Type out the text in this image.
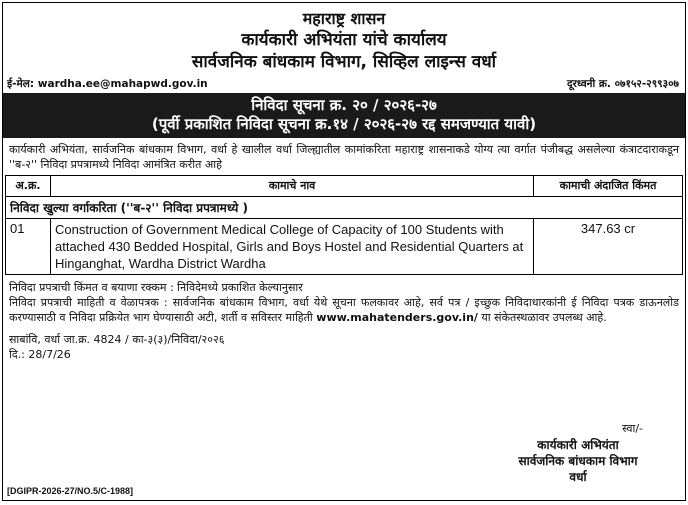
महाराष्ट्र शासन
कार्यकारी अभियंता यांचे कार्यालय
सार्वजनिक बांधकाम विभाग, सिव्हिल लाइन्स वर्धा
ई-मेल: wardha.ee@mahapwd.gov.in	दूरध्वनी क्र. ०७१५२-२९९३०७
निविदा सूचना क्र. २० / २०२६-२७
(पूर्वी प्रकाशित निविदा सूचना क्र.१४ / २०२६-२७ रद्द समजण्यात यावी)
कार्यकारी अभियंता, सार्वजनिक बांधकाम विभाग, वर्धा हे खालील वर्धा जिल्ह्यातील कामांकरिता महाराष्ट्र शासनाकडे योग्य त्या वर्गात पंजीबद्ध असलेल्या कंत्राटदाराकडून ''ब-२'' निविदा प्रपत्रामध्ये निविदा आमंत्रित करीत आहे
अ.क्र.	कामाचे नाव	कामाची अंदाजित किंमत
निविदा खुल्या वर्गाकरिता (''ब-२'' निविदा प्रपत्रामध्ये )		
01	Construction of Government Medical College of Capacity of 100 Students with attached 430 Bedded Hospital, Girls and Boys Hostel and Residential Quarters at Hinganghat, Wardha District Wardha	347.63 cr
निविदा प्रपत्राची किंमत व बयाणा रक्कम : निविदेमध्ये प्रकाशित केल्यानुसार
निविदा प्रपत्राची माहिती व वेळापत्रक : सार्वजनिक बांधकाम विभाग, वर्धा येथे सूचना फलकावर आहे, सर्व पत्र / इच्छुक निविदाधारकांनी ई निविदा पत्रक डाऊनलोड करण्यासाठी व निविदा प्रक्रियेत भाग घेण्यासाठी अटी, शर्ती व सविस्तर माहिती www.mahatenders.gov.in/ या संकेतस्थळावर उपलब्ध आहे.
साबांवि, वर्धा जा.क्र. 4824 / का-३(३)/निविदा/२०२६
दि.: 28/7/26
स्वा/-
कार्यकारी अभियंता
सार्वजनिक बांधकाम विभाग
वर्धा
[DGIPR-2026-27/NO.5/C-1988]
